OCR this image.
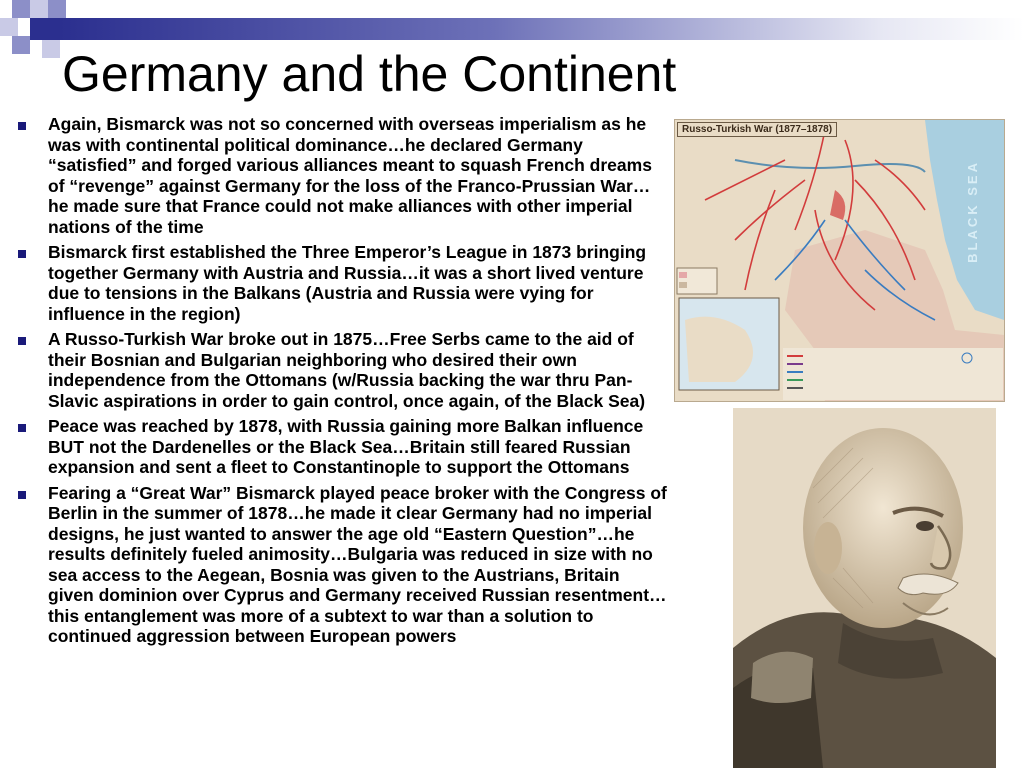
Germany and the Continent
Again, Bismarck was not so concerned with overseas imperialism as he was with continental political dominance…he declared Germany “satisfied” and forged various alliances meant to squash French dreams of “revenge” against Germany for the loss of the Franco-Prussian War…he made sure that France could not make alliances with other imperial nations of the time
Bismarck first established the Three Emperor’s League in 1873 bringing together Germany with Austria and Russia…it was a short lived venture due to tensions in the Balkans (Austria and Russia were vying for influence in the region)
A Russo-Turkish War broke out in 1875…Free Serbs came to the aid of their Bosnian and Bulgarian neighboring who desired their own independence from the Ottomans (w/Russia backing the war thru Pan-Slavic aspirations in order to gain control, once again, of the Black Sea)
Peace was reached by 1878, with Russia gaining more Balkan influence BUT not the Dardenelles or the Black Sea…Britain still feared Russian expansion and sent a fleet to Constantinople to support the Ottomans
Fearing a “Great War” Bismarck played peace broker with the Congress of Berlin in the summer of 1878…he made it clear Germany had no imperial designs, he just wanted to answer the age old “Eastern Question”…he results definitely fueled animosity…Bulgaria was reduced in size with no sea access to the Aegean, Bosnia was given to the Austrians, Britain given dominion over Cyprus and Germany received Russian resentment…this entanglement was more of a subtext to war than a solution to continued aggression between European powers
Russo-Turkish War (1877–1878)
BLACK SEA
